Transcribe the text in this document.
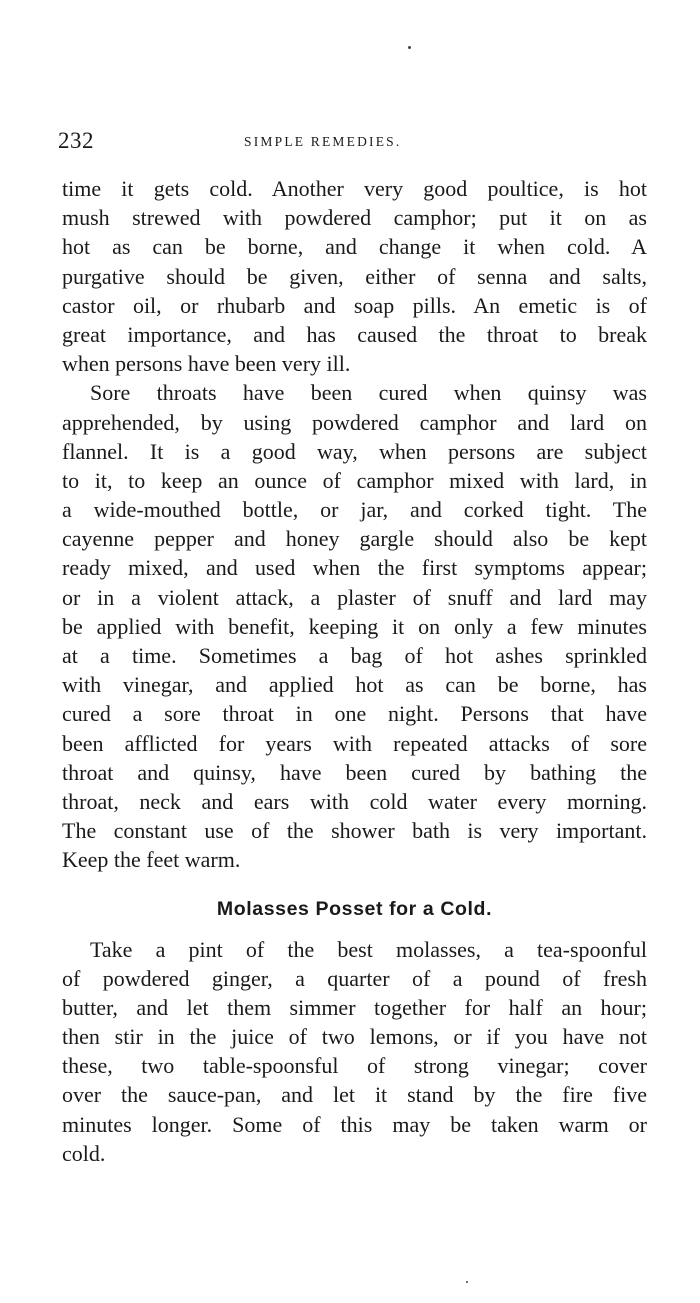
232	SIMPLE REMEDIES.
time it gets cold. Another very good poultice, is hot
mush strewed with powdered camphor; put it on as
hot as can be borne, and change it when cold. A
purgative should be given, either of senna and salts,
castor oil, or rhubarb and soap pills. An emetic is of
great importance, and has caused the throat to break
when persons have been very ill.
Sore throats have been cured when quinsy was
apprehended, by using powdered camphor and lard on
flannel. It is a good way, when persons are subject
to it, to keep an ounce of camphor mixed with lard, in
a wide-mouthed bottle, or jar, and corked tight. The
cayenne pepper and honey gargle should also be kept
ready mixed, and used when the first symptoms appear;
or in a violent attack, a plaster of snuff and lard may
be applied with benefit, keeping it on only a few minutes
at a time. Sometimes a bag of hot ashes sprinkled
with vinegar, and applied hot as can be borne, has
cured a sore throat in one night. Persons that have
been afflicted for years with repeated attacks of sore
throat and quinsy, have been cured by bathing the
throat, neck and ears with cold water every morning.
The constant use of the shower bath is very important.
Keep the feet warm.
Molasses Posset for a Cold.
Take a pint of the best molasses, a tea-spoonful
of powdered ginger, a quarter of a pound of fresh
butter, and let them simmer together for half an hour;
then stir in the juice of two lemons, or if you have not
these, two table-spoonsful of strong vinegar; cover
over the sauce-pan, and let it stand by the fire five
minutes longer. Some of this may be taken warm or
cold.
